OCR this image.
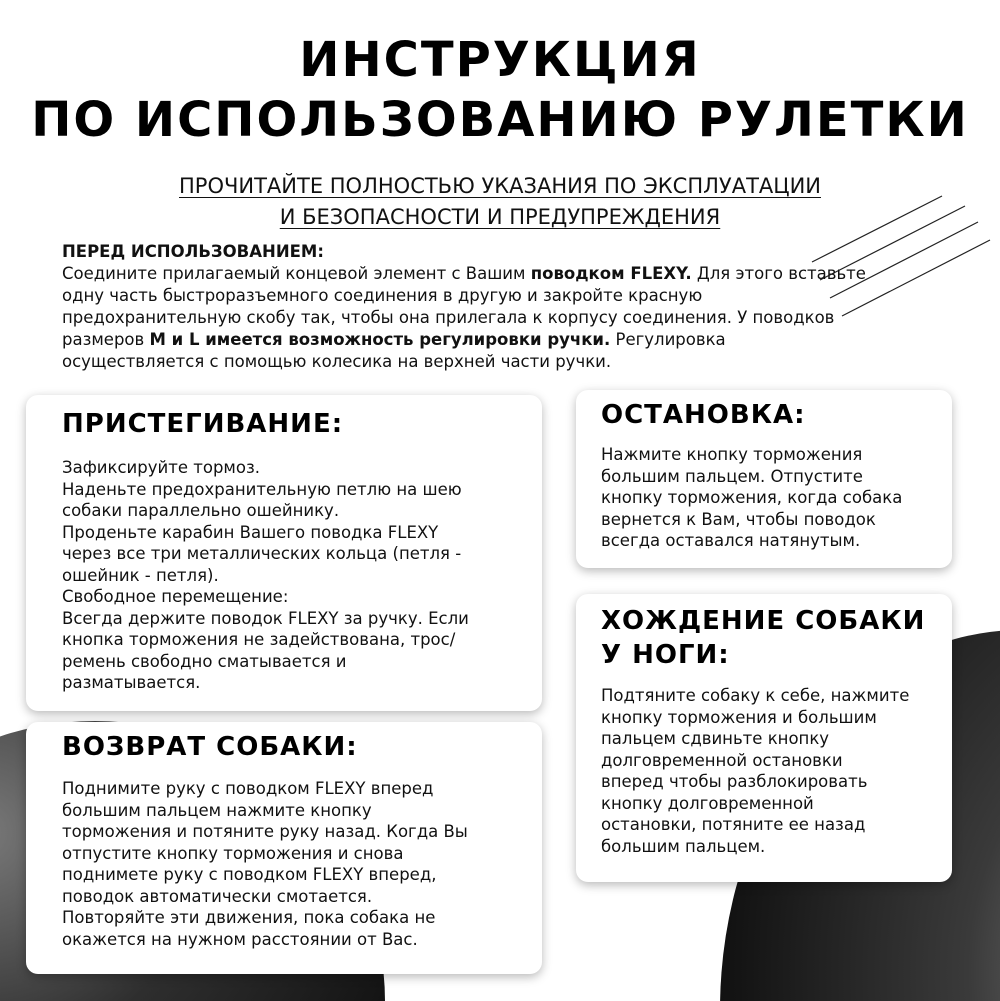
ИНСТРУКЦИЯ
ПО ИСПОЛЬЗОВАНИЮ РУЛЕТКИ
ПРОЧИТАЙТЕ ПОЛНОСТЬЮ УКАЗАНИЯ ПО ЭКСПЛУАТАЦИИ
И БЕЗОПАСНОСТИ И ПРЕДУПРЕЖДЕНИЯ
ПЕРЕД ИСПОЛЬЗОВАНИЕМ:

Соедините прилагаемый концевой элемент с Вашим поводком FLEXY. Для этого вставьте

одну часть быстроразъемного соединения в другую и закройте красную

предохранительную скобу так, чтобы она прилегала к корпусу соединения. У поводков

размеров M и L имеется возможность регулировки ручки. Регулировка

осуществляется с помощью колесика на верхней части ручки.

ПРИСТЕГИВАНИЕ:
Зафиксируйте тормоз.
Наденьте предохранительную петлю на шею
собаки параллельно ошейнику.
Проденьте карабин Вашего поводка FLEXY
через все три металлических кольца (петля -
ошейник - петля).
Свободное перемещение:
Всегда держите поводок FLEXY за ручку. Если
кнопка торможения не задействована, трос/
ремень свободно сматывается и
разматывается.
ОСТАНОВКА:
Нажмите кнопку торможения
большим пальцем. Отпустите
кнопку торможения, когда собака
вернется к Вам, чтобы поводок
всегда оставался натянутым.
ВОЗВРАТ СОБАКИ:
Поднимите руку с поводком FLEXY вперед
большим пальцем нажмите кнопку
торможения и потяните руку назад. Когда Вы
отпустите кнопку торможения и снова
поднимете руку с поводком FLEXY вперед,
поводок автоматически смотается.
Повторяйте эти движения, пока собака не
окажется на нужном расстоянии от Вас.
ХОЖДЕНИЕ СОБАКИ
У НОГИ:
Подтяните собаку к себе, нажмите
кнопку торможения и большим
пальцем сдвиньте кнопку
долговременной остановки
вперед чтобы разблокировать
кнопку долговременной
остановки, потяните ее назад
большим пальцем.
